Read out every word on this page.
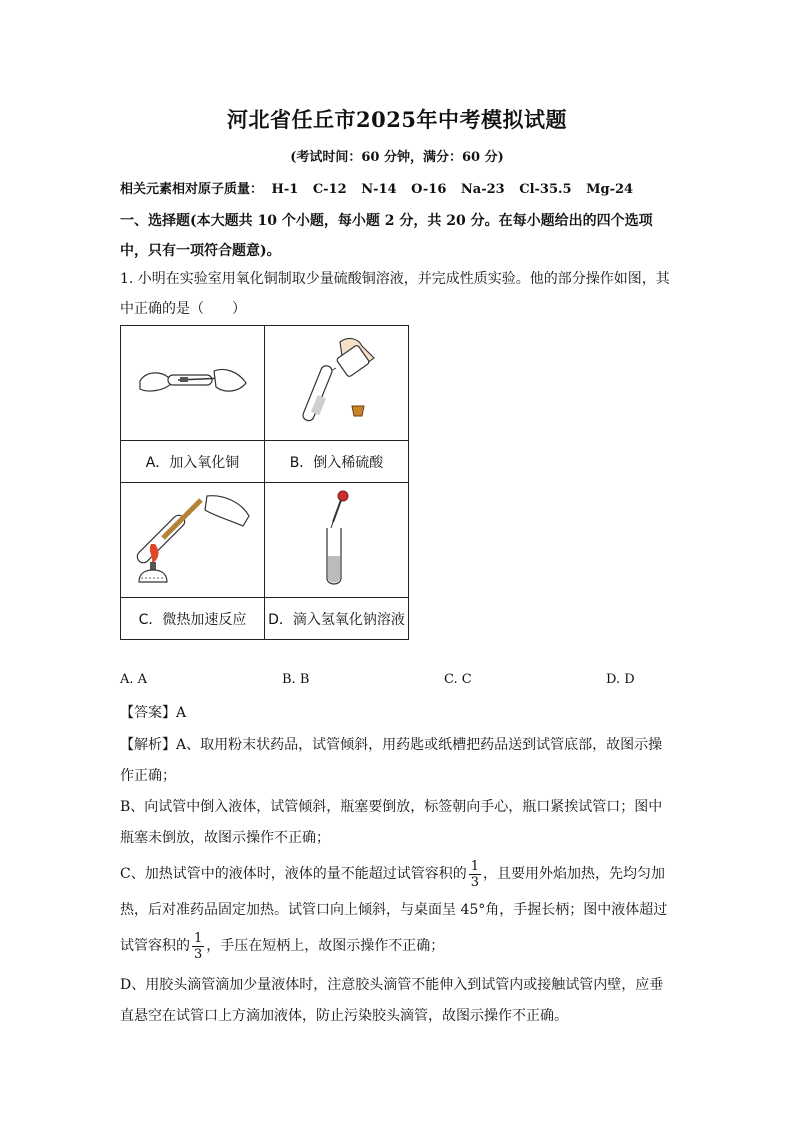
河北省任丘市2025年中考模拟试题
(考试时间：60 分钟，满分：60 分)
相关元素相对原子质量： H-1 C-12 N-14 O-16 Na-23 Cl-35.5 Mg-24
一、选择题(本大题共 10 个小题，每小题 2 分，共 20 分。在每小题给出的四个选项中，只有一项符合题意)。
1. 小明在实验室用氧化铜制取少量硫酸铜溶液，并完成性质实验。他的部分操作如图，其中正确的是（　　）

A．加入氧化铜	B．倒入稀硫酸

C．微热加速反应	D．滴入氢氧化钠溶液
A. A	B. B	C. C	D. D
【答案】A
【解析】A、取用粉末状药品，试管倾斜，用药匙或纸槽把药品送到试管底部，故图示操作正确；
B、向试管中倒入液体，试管倾斜，瓶塞要倒放，标签朝向手心，瓶口紧挨试管口；图中瓶塞未倒放，故图示操作不正确；
C、加热试管中的液体时，液体的量不能超过试管容积的 $\frac{1}{3}$ ，且要用外焰加热，先均匀加热，后对准药品固定加热。试管口向上倾斜，与桌面呈 45°角，手握长柄；图中液体超过试管容积的 $\frac{1}{3}$ ，手压在短柄上，故图示操作不正确；
D、用胶头滴管滴加少量液体时，注意胶头滴管不能伸入到试管内或接触试管内壁，应垂直悬空在试管口上方滴加液体，防止污染胶头滴管，故图示操作不正确。
